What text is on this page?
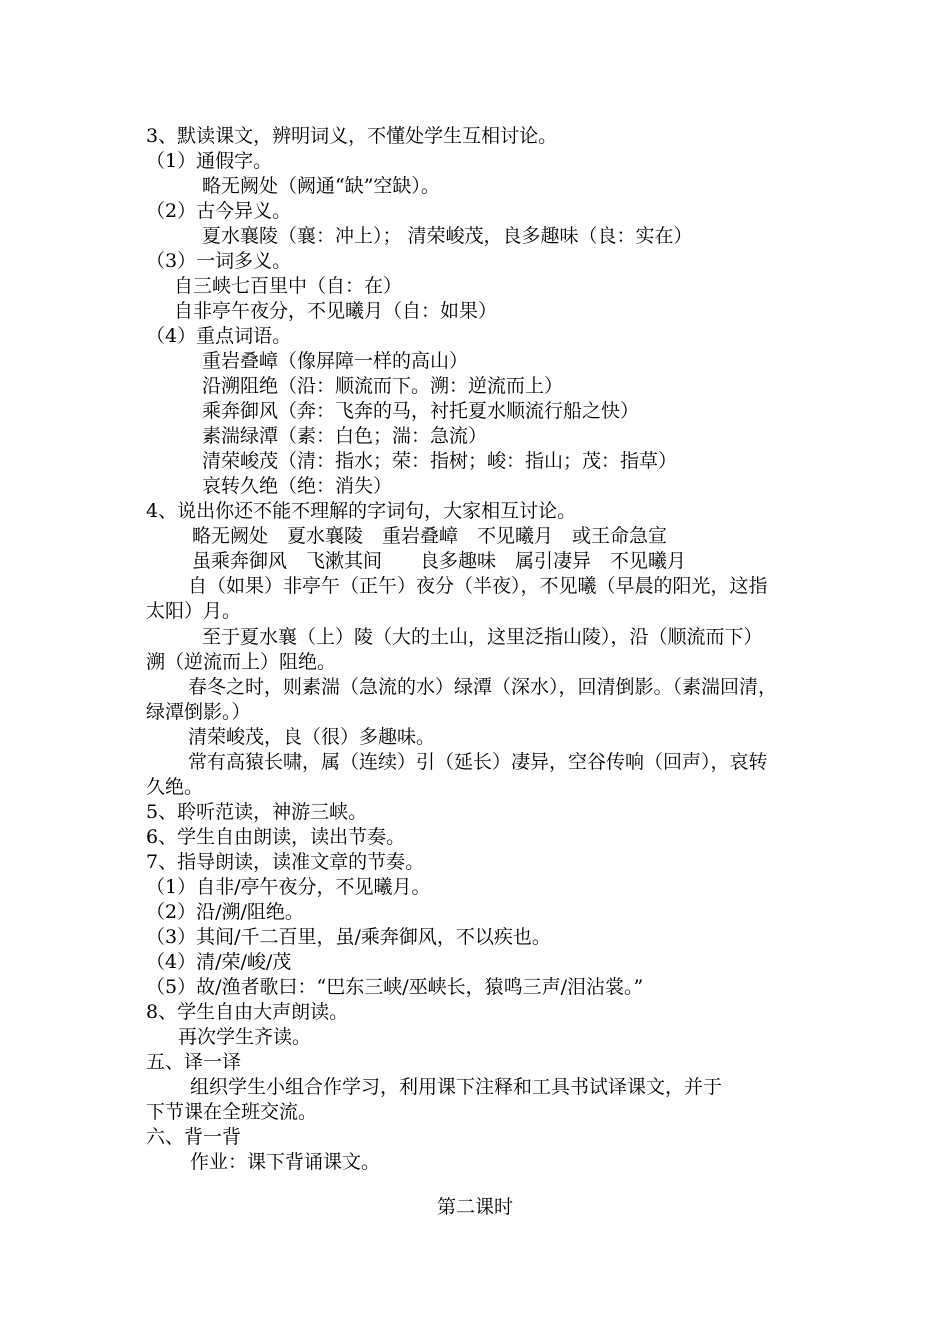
3、默读课文，辨明词义，不懂处学生互相讨论。
（1）通假字。
略无阙处（阙通“缺”空缺）。
（2）古今异义。
夏水襄陵（襄：冲上）； 清荣峻茂，良多趣味（良：实在）
（3）一词多义。
自三峡七百里中（自：在）
自非亭午夜分，不见曦月（自：如果）
（4）重点词语。
重岩叠嶂（像屏障一样的高山）
沿溯阻绝（沿：顺流而下。溯：逆流而上）
乘奔御风（奔：飞奔的马，衬托夏水顺流行船之快）
素湍绿潭（素：白色；湍：急流）
清荣峻茂（清：指水；荣：指树；峻：指山；茂：指草）
哀转久绝（绝：消失）
4、说出你还不能不理解的字词句，大家相互讨论。
略无阙处　夏水襄陵　重岩叠嶂　不见曦月　或王命急宣
虽乘奔御风　飞漱其间　　良多趣味　属引凄异　不见曦月
自（如果）非亭午（正午）夜分（半夜），不见曦（早晨的阳光，这指
太阳）月。
至于夏水襄（上）陵（大的土山，这里泛指山陵），沿（顺流而下）
溯（逆流而上）阻绝。
春冬之时，则素湍（急流的水）绿潭（深水），回清倒影。（素湍回清，
绿潭倒影。）
清荣峻茂，良（很）多趣味。
常有高猿长啸，属（连续）引（延长）凄异，空谷传响（回声），哀转
久绝。
5、聆听范读，神游三峡。
6、学生自由朗读，读出节奏。
7、指导朗读，读准文章的节奏。
（1）自非/亭午夜分，不见曦月。
（2）沿/溯/阻绝。
（3）其间/千二百里，虽/乘奔御风，不以疾也。
（4）清/荣/峻/茂
（5）故/渔者歌曰：“巴东三峡/巫峡长，猿鸣三声/泪沾裳。”
8、学生自由大声朗读。
再次学生齐读。
五、译一译
组织学生小组合作学习，利用课下注释和工具书试译课文，并于
下节课在全班交流。
六、背一背
作业：课下背诵课文。
第二课时
